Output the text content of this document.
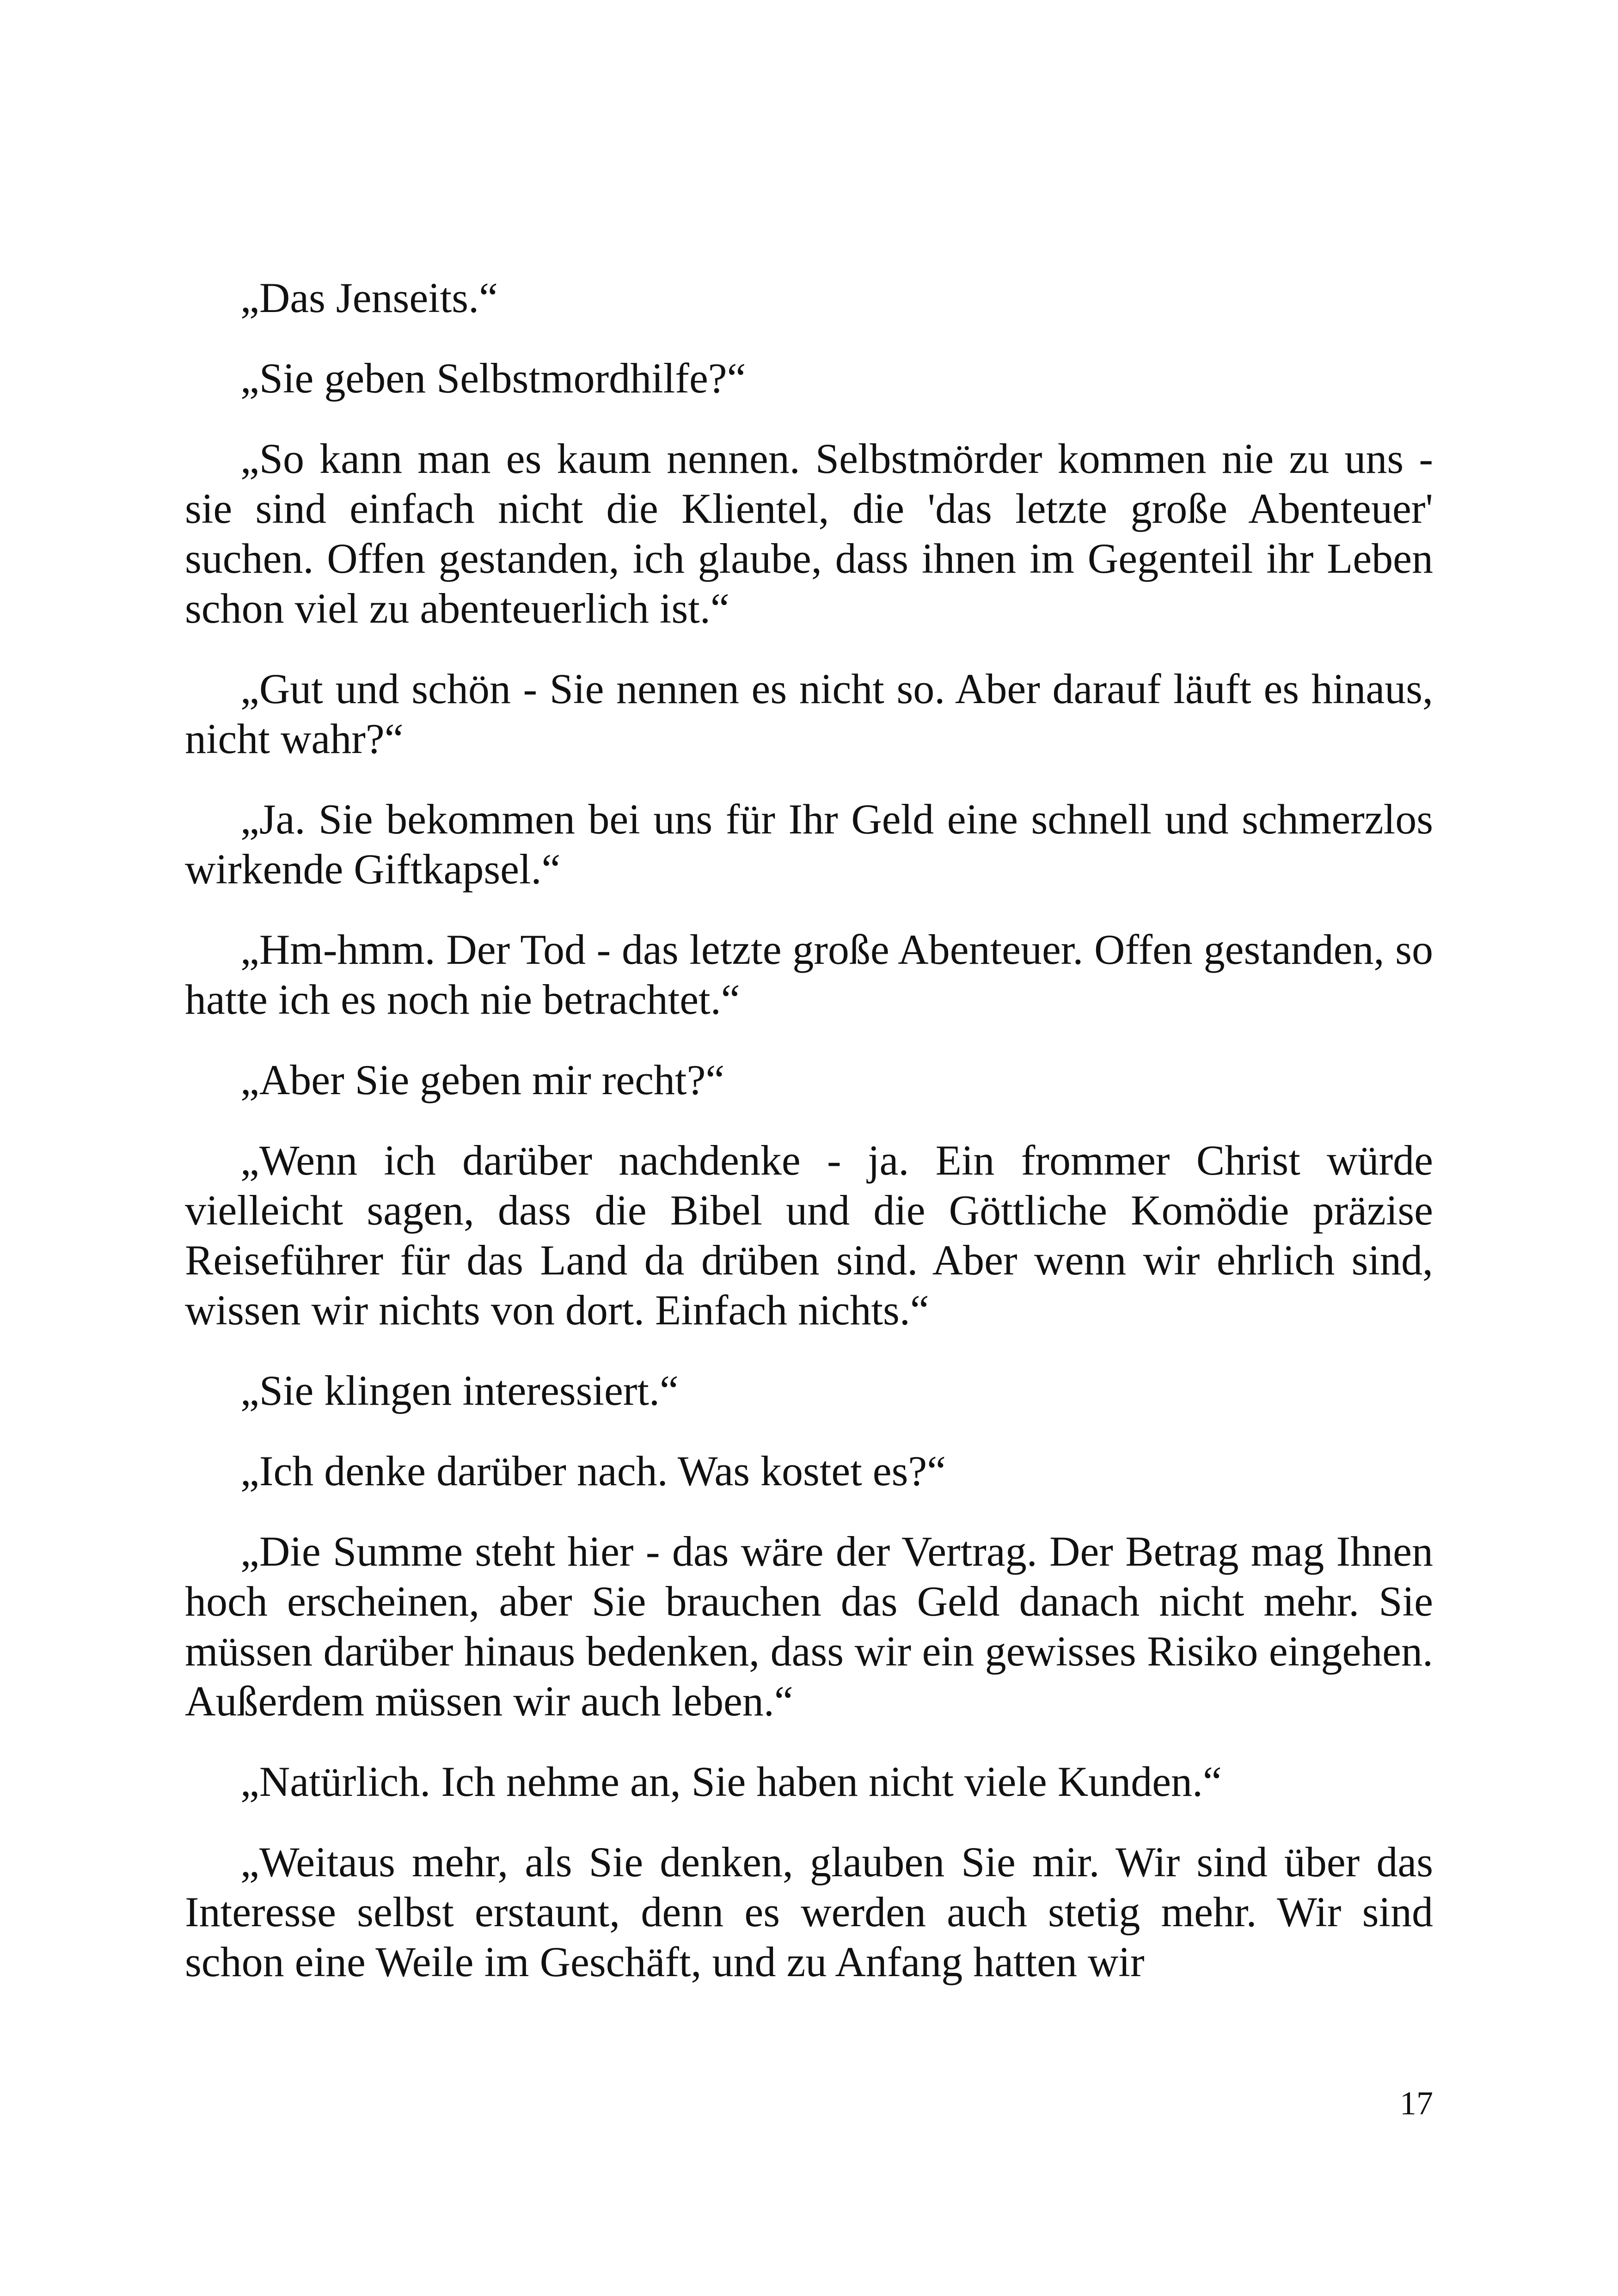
„Das Jenseits.“

„Sie geben Selbstmordhilfe?“

„So kann man es kaum nennen. Selbstmörder kommen nie zu uns - sie sind einfach nicht die Klientel, die 'das letzte große Abenteuer' suchen. Offen gestanden, ich glaube, dass ihnen im Gegenteil ihr Leben schon viel zu abenteuerlich ist.“

„Gut und schön - Sie nennen es nicht so. Aber darauf läuft es hinaus, nicht wahr?“

„Ja. Sie bekommen bei uns für Ihr Geld eine schnell und schmerzlos wirkende Giftkapsel.“

„Hm-hmm. Der Tod - das letzte große Abenteuer. Offen gestanden, so hatte ich es noch nie betrachtet.“

„Aber Sie geben mir recht?“

„Wenn ich darüber nachdenke - ja. Ein frommer Christ würde vielleicht sagen, dass die Bibel und die Göttliche Komödie präzise Reiseführer für das Land da drüben sind. Aber wenn wir ehrlich sind, wissen wir nichts von dort. Einfach nichts.“

„Sie klingen interessiert.“

„Ich denke darüber nach. Was kostet es?“

„Die Summe steht hier - das wäre der Vertrag. Der Betrag mag Ihnen hoch erscheinen, aber Sie brauchen das Geld danach nicht mehr. Sie müssen darüber hinaus bedenken, dass wir ein gewisses Risiko eingehen. Außerdem müssen wir auch leben.“

„Natürlich. Ich nehme an, Sie haben nicht viele Kunden.“

„Weitaus mehr, als Sie denken, glauben Sie mir. Wir sind über das Interesse selbst erstaunt, denn es werden auch stetig mehr. Wir sind schon eine Weile im Geschäft, und zu Anfang hatten wir

17
